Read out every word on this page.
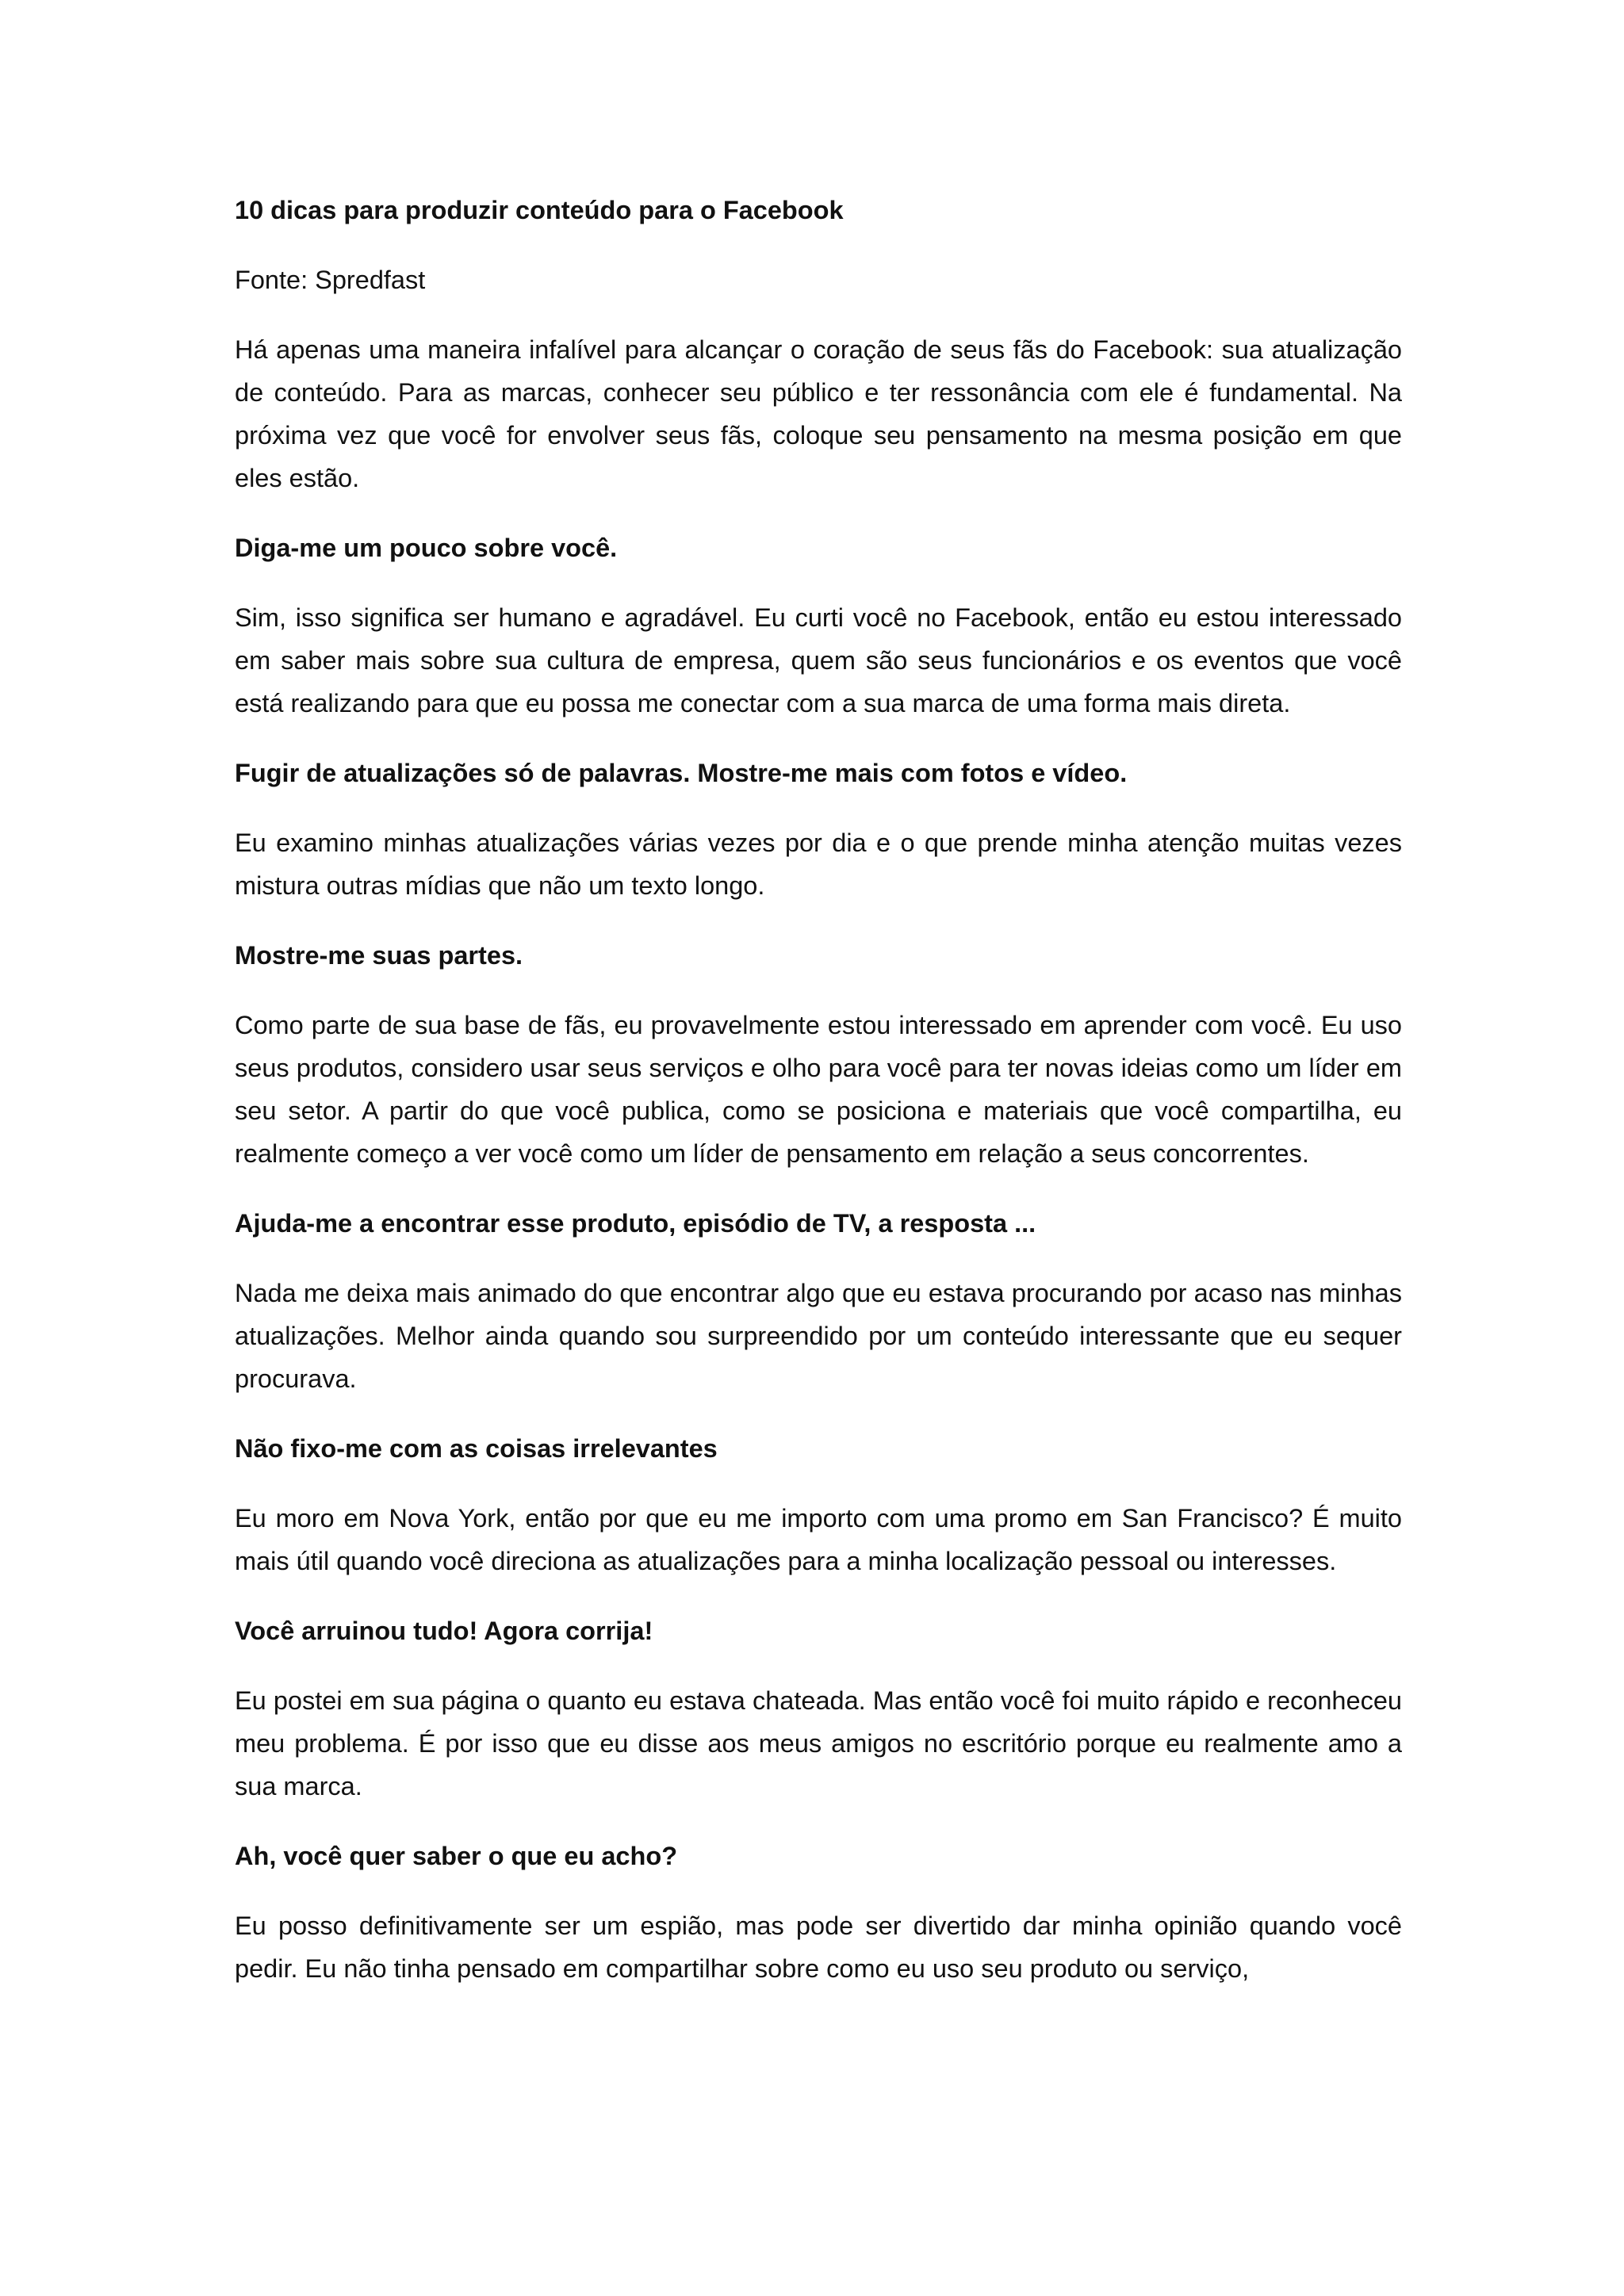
10 dicas para produzir conteúdo para o Facebook

Fonte: Spredfast

Há apenas uma maneira infalível para alcançar o coração de seus fãs do Facebook: sua atualização de conteúdo. Para as marcas, conhecer seu público e ter ressonância com ele é fundamental. Na próxima vez que você for envolver seus fãs, coloque seu pensamento na mesma posição em que eles estão.

Diga-me um pouco sobre você.

Sim, isso significa ser humano e agradável. Eu curti você no Facebook, então eu estou interessado em saber mais sobre sua cultura de empresa, quem são seus funcionários e os eventos que você está realizando para que eu possa me conectar com a sua marca de uma forma mais direta.

Fugir de atualizações só de palavras. Mostre-me mais com fotos e vídeo.

Eu examino minhas atualizações várias vezes por dia e o que prende minha atenção muitas vezes mistura outras mídias que não um texto longo.

Mostre-me suas partes.

Como parte de sua base de fãs, eu provavelmente estou interessado em aprender com você. Eu uso seus produtos, considero usar seus serviços e olho para você para ter novas ideias como um líder em seu setor. A partir do que você publica, como se posiciona e materiais que você compartilha, eu realmente começo a ver você como um líder de pensamento em relação a seus concorrentes.

Ajuda-me a encontrar esse produto, episódio de TV, a resposta ...

Nada me deixa mais animado do que encontrar algo que eu estava procurando por acaso nas minhas atualizações. Melhor ainda quando sou surpreendido por um conteúdo interessante que eu sequer procurava.

Não fixo-me com as coisas irrelevantes

Eu moro em Nova York, então por que eu me importo com uma promo em San Francisco? É muito mais útil quando você direciona as atualizações para a minha localização pessoal ou interesses.

Você arruinou tudo! Agora corrija!

Eu postei em sua página o quanto eu estava chateada. Mas então você foi muito rápido e reconheceu meu problema. É por isso que eu disse aos meus amigos no escritório porque eu realmente amo a sua marca.

Ah, você quer saber o que eu acho?

Eu posso definitivamente ser um espião, mas pode ser divertido dar minha opinião quando você pedir. Eu não tinha pensado em compartilhar sobre como eu uso seu produto ou serviço,
